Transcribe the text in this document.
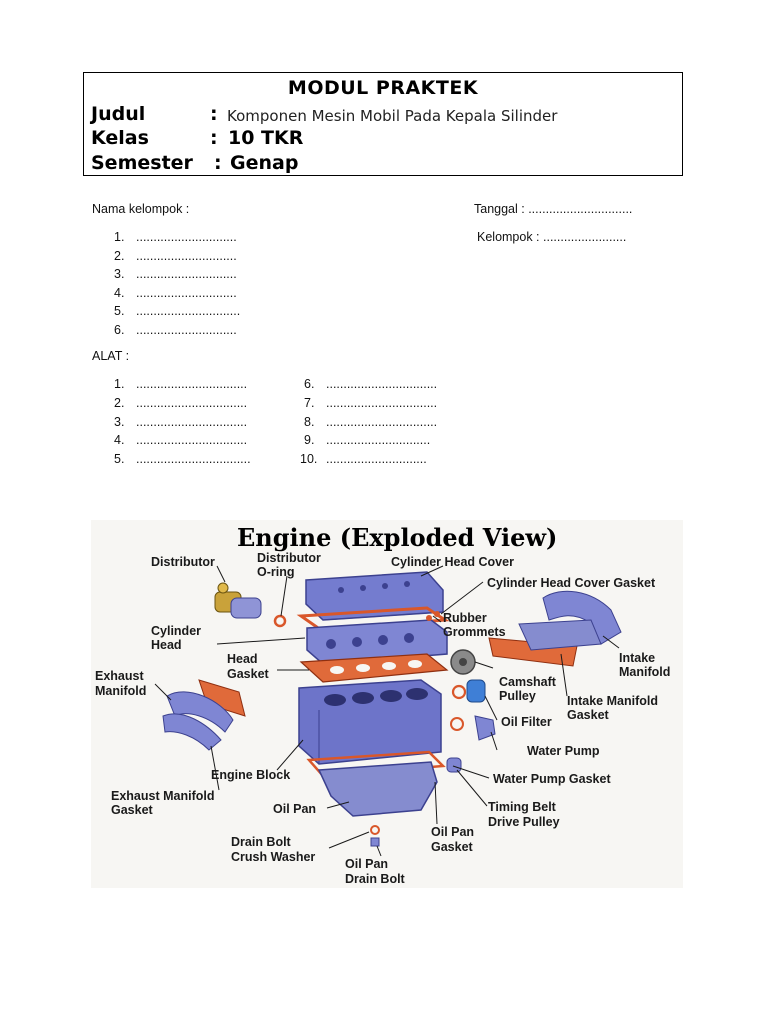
MODUL PRAKTEK
Judul	: Komponen Mesin Mobil Pada Kepala Silinder
Kelas	: 10 TKR
Semester : Genap
Nama kelompok :	Tanggal : ..............................
Kelompok : ........................
1. .............................
2. .............................
3. .............................
4. .............................
5. ..............................
6. .............................
ALAT :
1. ................................
2. ................................
3. ................................
4. ................................
5. .................................
6. ................................
7. ................................
8. ................................
9. ..............................
10. .............................
Engine (Exploded View)
Distributor	Distributor
O-ring
Cylinder Head Cover
Cylinder Head Cover Gasket
Cylinder
Head
Rubber
Grommets
Head
Gasket
Intake
Manifold
Exhaust
Manifold
Camshaft
Pulley Intake Manifold
Gasket
Oil Filter
Water Pump
Engine Block	Water Pump Gasket
Exhaust Manifold
Gasket	Oil Pan	Timing Belt
Drive Pulley
Drain Bolt
Crush Washer
Oil Pan
Gasket
Oil Pan
Drain Bolt
